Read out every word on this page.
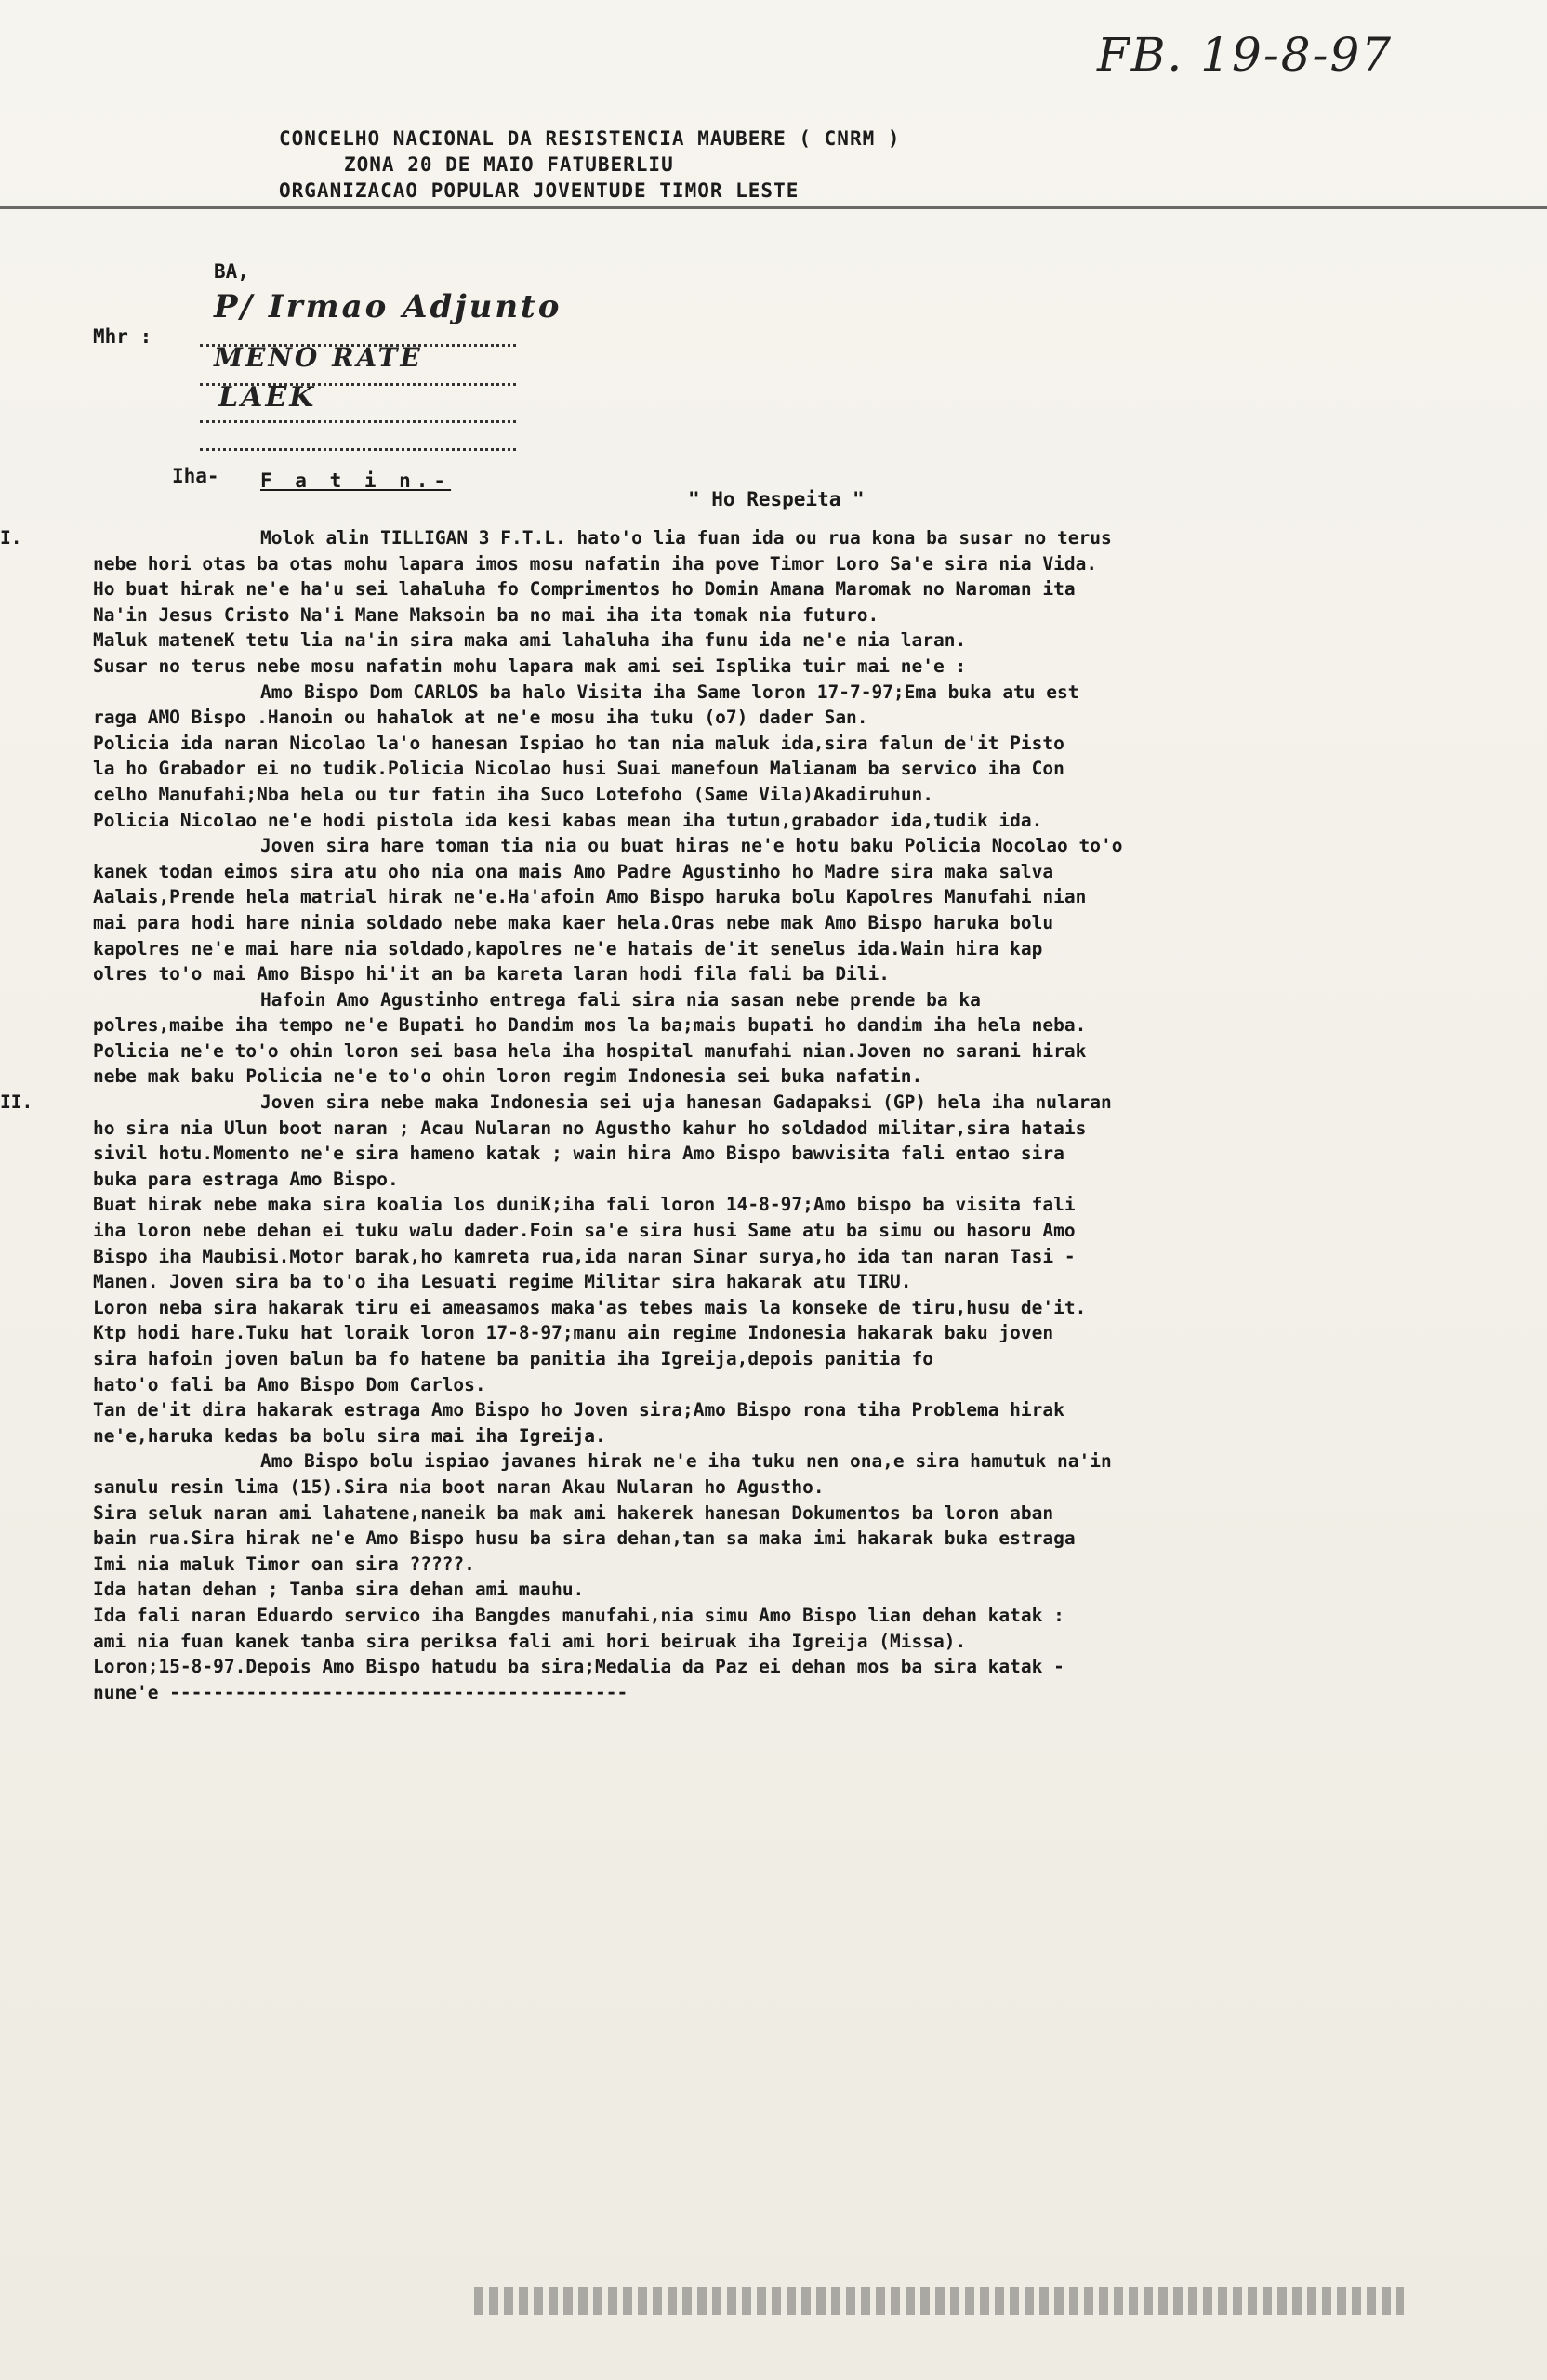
FB. 19-8-97
CONCELHO NACIONAL DA RESISTENCIA MAUBERE ( CNRM )
ZONA 20 DE MAIO FATUBERLIU
ORGANIZACAO POPULAR JOVENTUDE TIMOR LESTE
BA,
Mhr :
P/ Irmao Adjunto
MENO RATE
LAEK
Iha- F a t i n.-
" Ho Respeita "
I.	Molok alin TILLIGAN 3 F.T.L. hato'o lia fuan ida ou rua kona ba susar no terus
nebe hori otas ba otas mohu lapara imos mosu nafatin iha pove Timor Loro Sa'e sira nia Vida.
Ho buat hirak ne'e ha'u sei lahaluha fo Comprimentos ho Domin Amana Maromak no Naroman ita
Na'in Jesus Cristo Na'i Mane Maksoin ba no mai iha ita tomak nia futuro.
Maluk mateneK tetu lia na'in sira maka ami lahaluha iha funu ida ne'e nia laran.
Susar no terus nebe mosu nafatin mohu lapara mak ami sei Isplika tuir mai ne'e :
Amo Bispo Dom CARLOS ba halo Visita iha Same loron 17-7-97;Ema buka atu est
raga AMO Bispo .Hanoin ou hahalok at ne'e mosu iha tuku (o7) dader San.
Policia ida naran Nicolao la'o hanesan Ispiao ho tan nia maluk ida,sira falun de'it Pisto
la ho Grabador ei no tudik.Policia Nicolao husi Suai manefoun Malianam ba servico iha Con
celho Manufahi;Nba hela ou tur fatin iha Suco Lotefoho (Same Vila)Akadiruhun.
Policia Nicolao ne'e hodi pistola ida kesi kabas mean iha tutun,grabador ida,tudik ida.
Joven sira hare toman tia nia ou buat hiras ne'e hotu baku Policia Nocolao to'o
kanek todan eimos sira atu oho nia ona mais Amo Padre Agustinho ho Madre sira maka salva
Aalais,Prende hela matrial hirak ne'e.Ha'afoin Amo Bispo haruka bolu Kapolres Manufahi nian
mai para hodi hare ninia soldado nebe maka kaer hela.Oras nebe mak Amo Bispo haruka bolu
kapolres ne'e mai hare nia soldado,kapolres ne'e hatais de'it senelus ida.Wain hira kap
olres to'o mai Amo Bispo hi'it an ba kareta laran hodi fila fali ba Dili.
Hafoin Amo Agustinho entrega fali sira nia sasan nebe prende ba ka
polres,maibe iha tempo ne'e Bupati ho Dandim mos la ba;mais bupati ho dandim iha hela neba.
Policia ne'e to'o ohin loron sei basa hela iha hospital manufahi nian.Joven no sarani hirak
nebe mak baku Policia ne'e to'o ohin loron regim Indonesia sei buka nafatin.
II.	Joven sira nebe maka Indonesia sei uja hanesan Gadapaksi (GP) hela iha nularan
ho sira nia Ulun boot naran ; Acau Nularan no Agustho kahur ho soldadod militar,sira hatais
sivil hotu.Momento ne'e sira hameno katak ; wain hira Amo Bispo bawvisita fali entao sira
buka para estraga Amo Bispo.
Buat hirak nebe maka sira koalia los duniK;iha fali loron 14-8-97;Amo bispo ba visita fali
iha loron nebe dehan ei tuku walu dader.Foin sa'e sira husi Same atu ba simu ou hasoru Amo
Bispo iha Maubisi.Motor barak,ho kamreta rua,ida naran Sinar surya,ho ida tan naran Tasi -
Manen. Joven sira ba to'o iha Lesuati regime Militar sira hakarak atu TIRU.
Loron neba sira hakarak tiru ei ameasamos maka'as tebes mais la konseke de tiru,husu de'it.
Ktp hodi hare.Tuku hat loraik loron 17-8-97;manu ain regime Indonesia hakarak baku joven
sira hafoin joven balun ba fo hatene ba panitia iha Igreija,depois panitia fo
hato'o fali ba Amo Bispo Dom Carlos.
Tan de'it dira hakarak estraga Amo Bispo ho Joven sira;Amo Bispo rona tiha Problema hirak
ne'e,haruka kedas ba bolu sira mai iha Igreija.
Amo Bispo bolu ispiao javanes hirak ne'e iha tuku nen ona,e sira hamutuk na'in
sanulu resin lima (15).Sira nia boot naran Akau Nularan ho Agustho.
Sira seluk naran ami lahatene,naneik ba mak ami hakerek hanesan Dokumentos ba loron aban
bain rua.Sira hirak ne'e Amo Bispo husu ba sira dehan,tan sa maka imi hakarak buka estraga
Imi nia maluk Timor oan sira ?????.
Ida hatan dehan ; Tanba sira dehan ami mauhu.
Ida fali naran Eduardo servico iha Bangdes manufahi,nia simu Amo Bispo lian dehan katak :
ami nia fuan kanek tanba sira periksa fali ami hori beiruak iha Igreija (Missa).
Loron;15-8-97.Depois Amo Bispo hatudu ba sira;Medalia da Paz ei dehan mos ba sira katak -
nune'e ------------------------------------------
